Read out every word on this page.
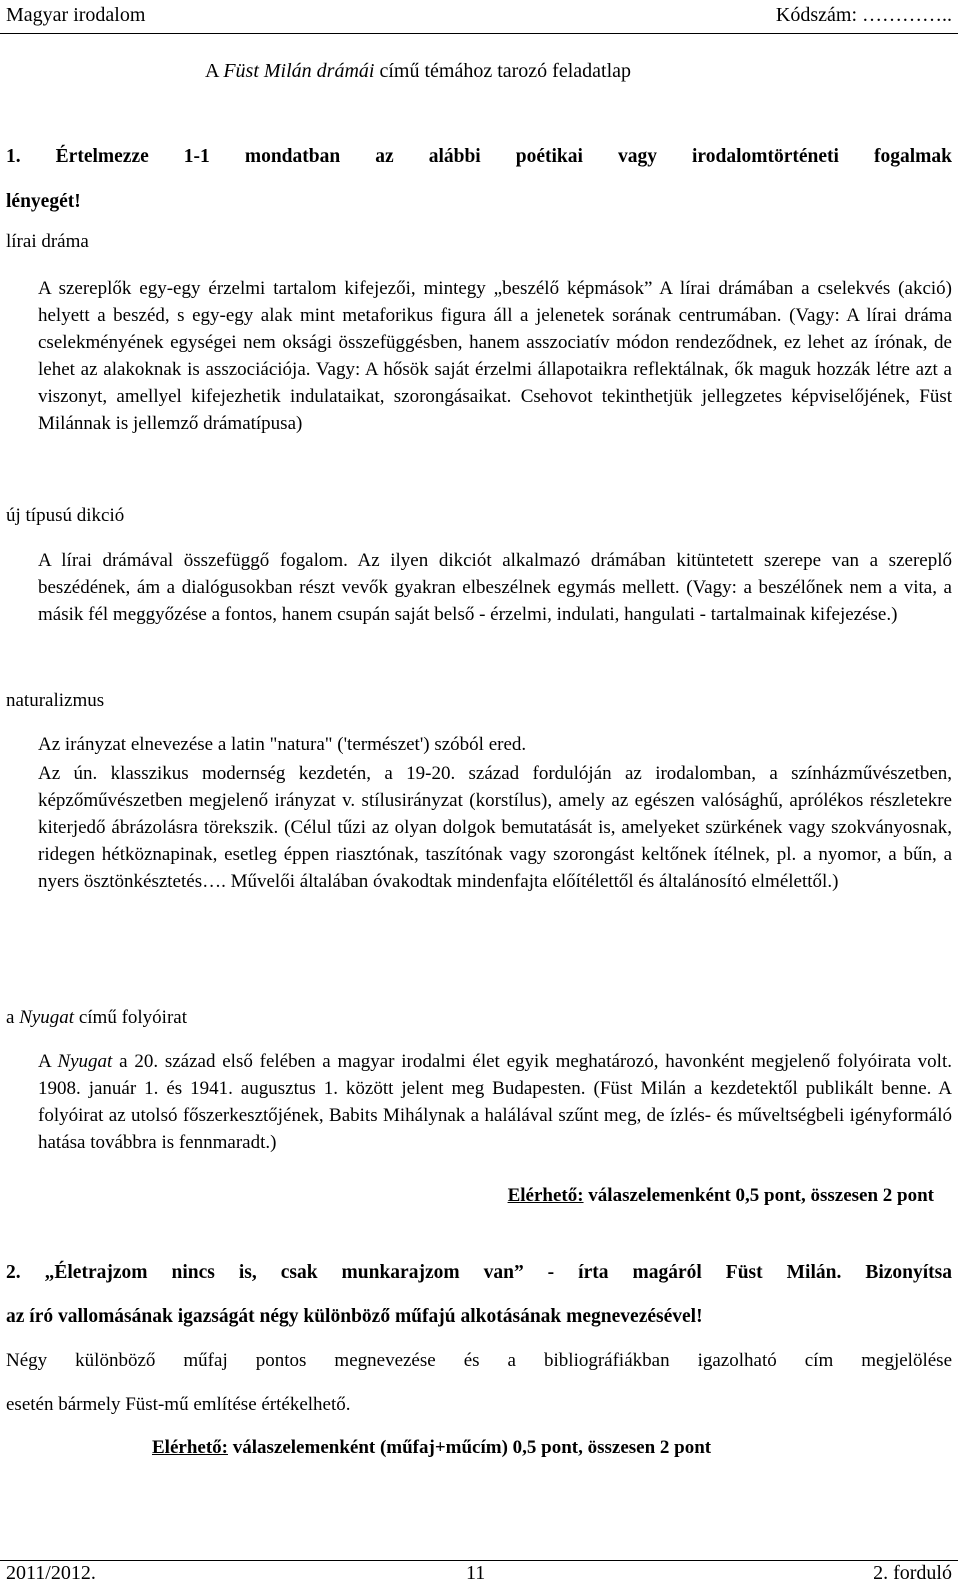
Magyar irodalom	Kódszám: …………..
A Füst Milán drámái című témához tarozó feladatlap
1. Értelmezze 1-1 mondatban az alábbi poétikai vagy irodalomtörténeti fogalmak
lényegét!
lírai dráma
A szereplők egy-egy érzelmi tartalom kifejezői, mintegy „beszélő képmások” A lírai drámában a cselekvés (akció) helyett a beszéd, s egy-egy alak mint metaforikus figura áll a jelenetek sorának centrumában. (Vagy: A lírai dráma cselekményének egységei nem oksági összefüggésben, hanem asszociatív módon rendeződnek, ez lehet az írónak, de lehet az alakoknak is asszociációja. Vagy: A hősök saját érzelmi állapotaikra reflektálnak, ők maguk hozzák létre azt a viszonyt, amellyel kifejezhetik indulataikat, szorongásaikat. Csehovot tekinthetjük jellegzetes képviselőjének, Füst Milánnak is jellemző drámatípusa)
új típusú dikció
A lírai drámával összefüggő fogalom. Az ilyen dikciót alkalmazó drámában kitüntetett szerepe van a szereplő beszédének, ám a dialógusokban részt vevők gyakran elbeszélnek egymás mellett. (Vagy: a beszélőnek nem a vita, a másik fél meggyőzése a fontos, hanem csupán saját belső - érzelmi, indulati, hangulati - tartalmainak kifejezése.)
naturalizmus
Az irányzat elnevezése a latin "natura" ('természet') szóból ered.
Az ún. klasszikus modernség kezdetén, a 19-20. század fordulóján az irodalomban, a színházművészetben, képzőművészetben megjelenő irányzat v. stílusirányzat (korstílus), amely az egészen valósághű, aprólékos részletekre kiterjedő ábrázolásra törekszik. (Célul tűzi az olyan dolgok bemutatását is, amelyeket szürkének vagy szokványosnak, ridegen hétköznapinak, esetleg éppen riasztónak, taszítónak vagy szorongást keltőnek ítélnek, pl. a nyomor, a bűn, a nyers ösztönkésztetés…. Művelői általában óvakodtak mindenfajta előítélettől és általánosító elmélettől.)
a Nyugat című folyóirat
A Nyugat a 20. század első felében a magyar irodalmi élet egyik meghatározó, havonként megjelenő folyóirata volt. 1908. január 1. és 1941. augusztus 1. között jelent meg Budapesten. (Füst Milán a kezdetektől publikált benne. A folyóirat az utolsó főszerkesztőjének, Babits Mihálynak a halálával szűnt meg, de ízlés- és műveltségbeli igényformáló hatása továbbra is fennmaradt.)
Elérhető: válaszelemenként 0,5 pont, összesen 2 pont
2. „Életrajzom nincs is, csak munkarajzom van” - írta magáról Füst Milán. Bizonyítsa
az író vallomásának igazságát négy különböző műfajú alkotásának megnevezésével!
Négy különböző műfaj pontos megnevezése és a bibliográfiákban igazolható cím megjelölése
esetén bármely Füst-mű említése értékelhető.
Elérhető: válaszelemenként (műfaj+műcím) 0,5 pont, összesen 2 pont
2011/2012.	11	2. forduló
